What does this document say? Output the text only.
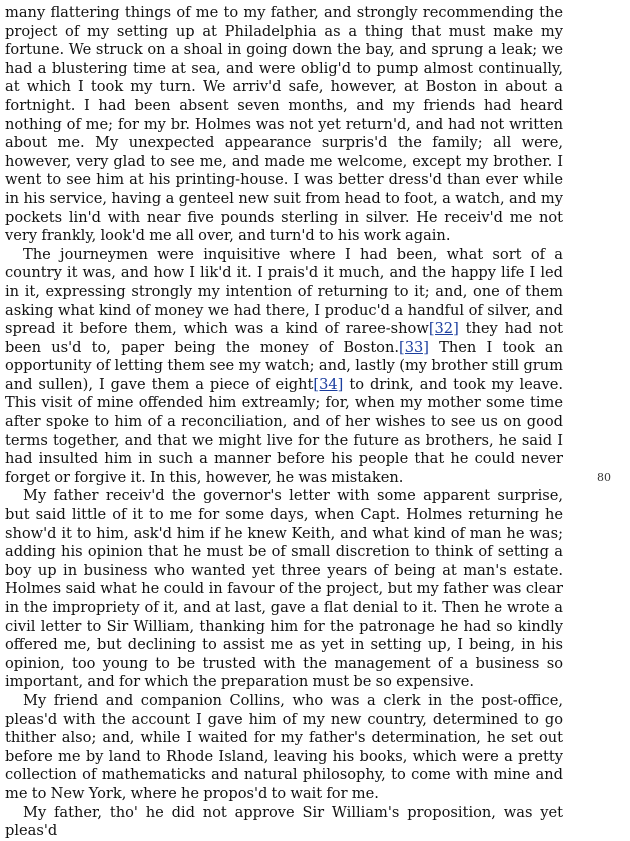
many flattering things of me to my father, and strongly recommending the project of my setting up at Philadelphia as a thing that must make my fortune. We struck on a shoal in going down the bay, and sprung a leak; we had a blustering time at sea, and were oblig'd to pump almost continually, at which I took my turn. We arriv'd safe, however, at Boston in about a fortnight. I had been absent seven months, and my friends had heard nothing of me; for my br. Holmes was not yet return'd, and had not written about me. My unexpected appearance surpris'd the family; all were, however, very glad to see me, and made me welcome, except my brother. I went to see him at his printing-house. I was better dress'd than ever while in his service, having a genteel new suit from head to foot, a watch, and my pockets lin'd with near five pounds sterling in silver. He receiv'd me not very frankly, look'd me all over, and turn'd to his work again.

The journeymen were inquisitive where I had been, what sort of a country it was, and how I lik'd it. I prais'd it much, and the happy life I led in it, expressing strongly my intention of returning to it; and, one of them asking what kind of money we had there, I produc'd a handful of silver, and spread it before them, which was a kind of raree-show[32] they had not been us'd to, paper being the money of Boston.[33] Then I took an opportunity of letting them see my watch; and, lastly (my brother still grum and sullen), I gave them a piece of eight[34] to drink, and took my leave. This visit of mine offended him extreamly; for, when my mother some time after spoke to him of a reconciliation, and of her wishes to see us on good terms together, and that we might live for the future as brothers, he said I had insulted him in such a manner before his people that he could never forget or forgive it. In this, however, he was mistaken.

My father receiv'd the governor's letter with some apparent surprise, but said little of it to me for some days, when Capt. Holmes returning he show'd it to him, ask'd him if he knew Keith, and what kind of man he was; adding his opinion that he must be of small discretion to think of setting a boy up in business who wanted yet three years of being at man's estate. Holmes said what he could in favour of the project, but my father was clear in the impropriety of it, and at last, gave a flat denial to it. Then he wrote a civil letter to Sir William, thanking him for the patronage he had so kindly offered me, but declining to assist me as yet in setting up, I being, in his opinion, too young to be trusted with the management of a business so important, and for which the preparation must be so expensive.

My friend and companion Collins, who was a clerk in the post-office, pleas'd with the account I gave him of my new country, determined to go thither also; and, while I waited for my father's determination, he set out before me by land to Rhode Island, leaving his books, which were a pretty collection of mathematicks and natural philosophy, to come with mine and me to New York, where he propos'd to wait for me.

My father, tho' he did not approve Sir William's proposition, was yet pleas'd

80
